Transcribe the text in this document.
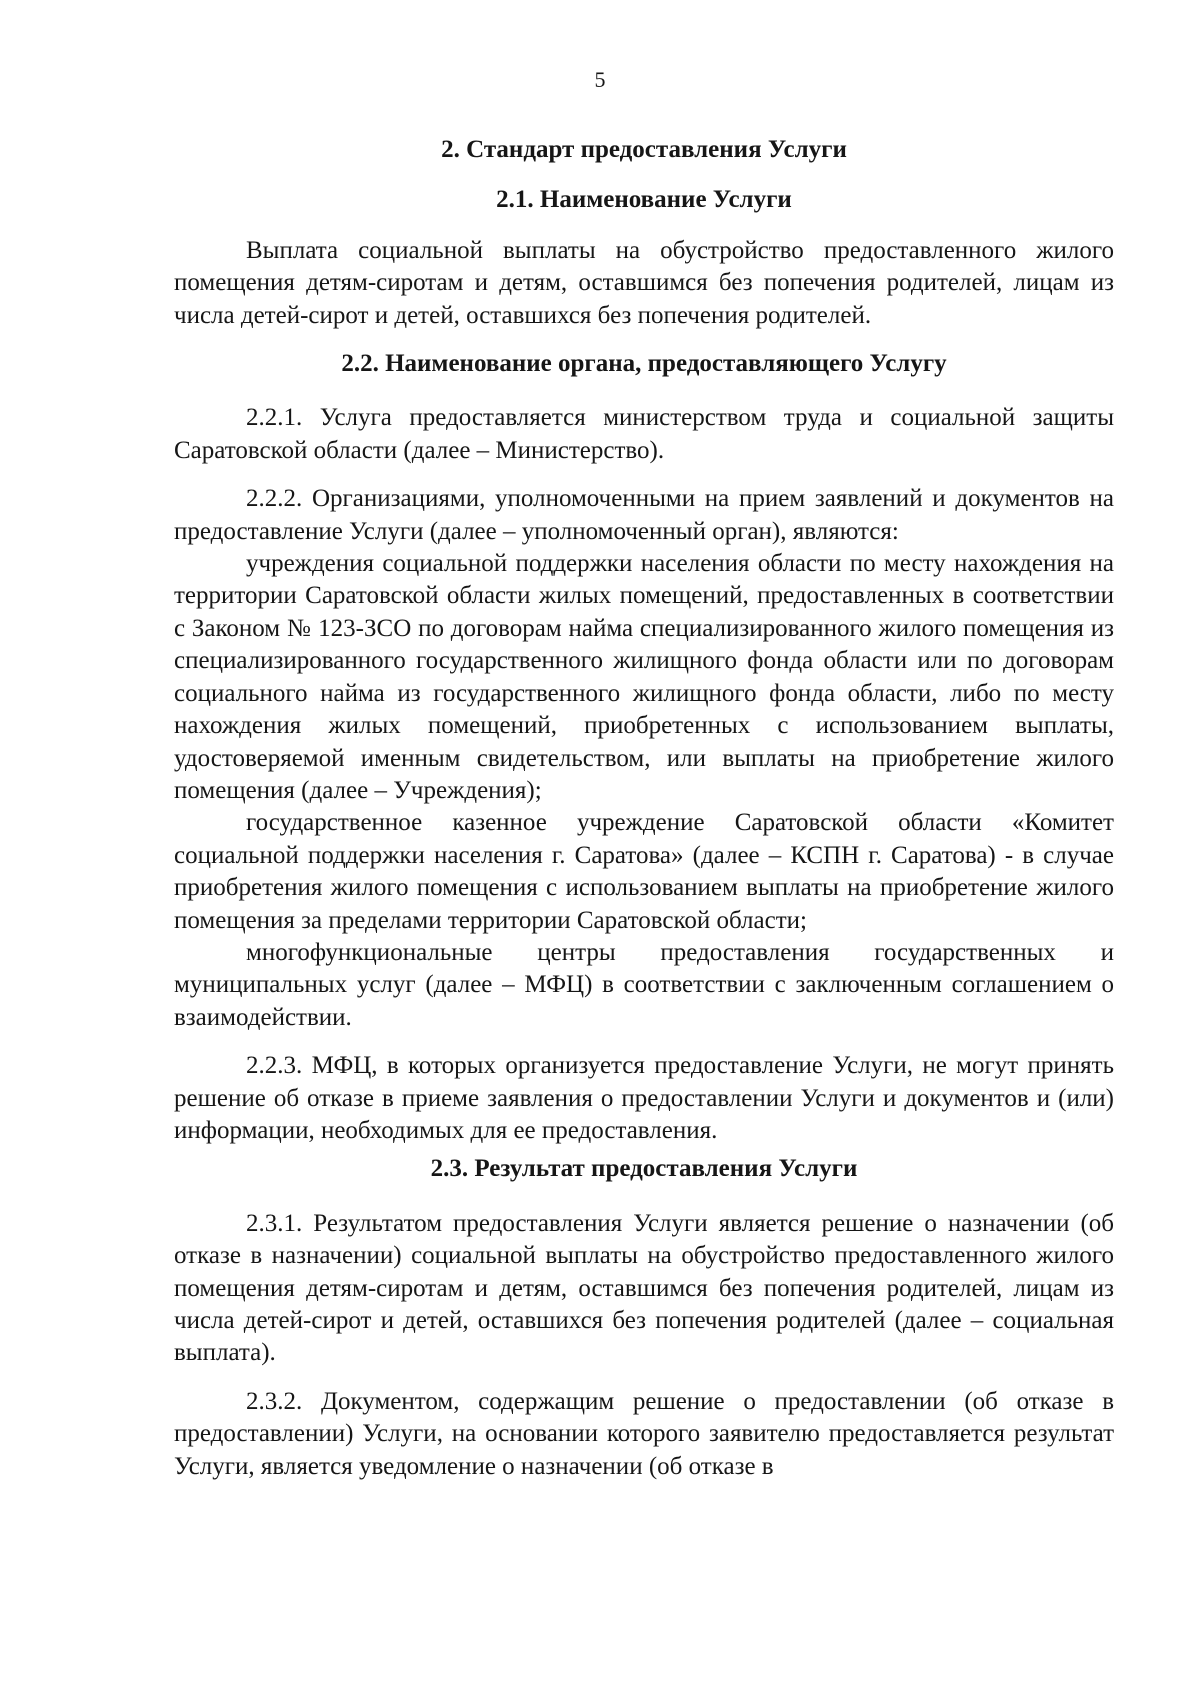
5
2. Стандарт предоставления Услуги
2.1. Наименование Услуги

Выплата социальной выплаты на обустройство предоставленного жилого помещения детям-сиротам и детям, оставшимся без попечения родителей, лицам из числа детей-сирот и детей, оставшихся без попечения родителей.

2.2. Наименование органа, предоставляющего Услугу

2.2.1. Услуга предоставляется министерством труда и социальной защиты Саратовской области (далее – Министерство).

2.2.2. Организациями, уполномоченными на прием заявлений и документов на предоставление Услуги (далее – уполномоченный орган), являются:

учреждения социальной поддержки населения области по месту нахождения на территории Саратовской области жилых помещений, предоставленных в соответствии с Законом № 123-ЗСО по договорам найма специализированного жилого помещения из специализированного государственного жилищного фонда области или по договорам социального найма из государственного жилищного фонда области, либо по месту нахождения жилых помещений, приобретенных с использованием выплаты, удостоверяемой именным свидетельством, или выплаты на приобретение жилого помещения (далее – Учреждения);

государственное казенное учреждение Саратовской области «Комитет социальной поддержки населения г. Саратова» (далее – КСПН г. Саратова) - в случае приобретения жилого помещения с использованием выплаты на приобретение жилого помещения за пределами территории Саратовской области;

многофункциональные центры предоставления государственных и муниципальных услуг (далее – МФЦ) в соответствии с заключенным соглашением о взаимодействии.

2.2.3. МФЦ, в которых организуется предоставление Услуги, не могут принять решение об отказе в приеме заявления о предоставлении Услуги и документов и (или) информации, необходимых для ее предоставления.

2.3. Результат предоставления Услуги

2.3.1. Результатом предоставления Услуги является решение о назначении (об отказе в назначении) социальной выплаты на обустройство предоставленного жилого помещения детям-сиротам и детям, оставшимся без попечения родителей, лицам из числа детей-сирот и детей, оставшихся без попечения родителей (далее – социальная выплата).

2.3.2. Документом, содержащим решение о предоставлении (об отказе в предоставлении) Услуги, на основании которого заявителю предоставляется результат Услуги, является уведомление о назначении (об отказе в
